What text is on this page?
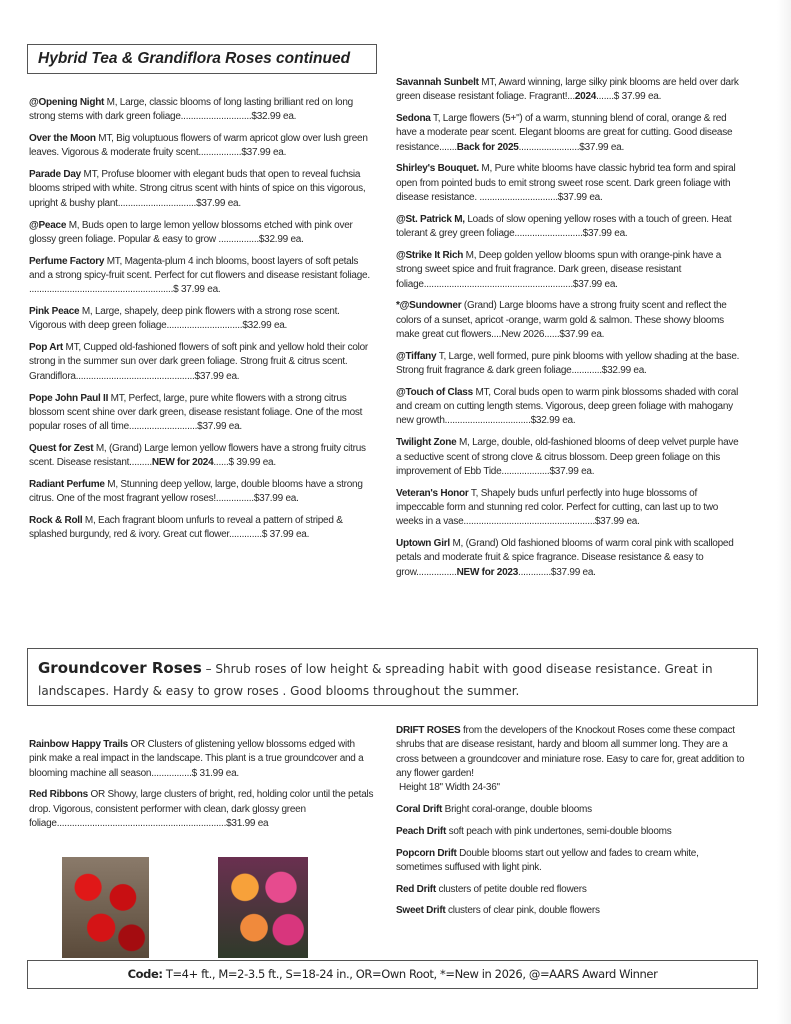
Hybrid Tea & Grandiflora Roses continued

@Opening Night M, Large, classic blooms of long lasting brilliant red on long strong stems with dark green foliage............................$32.99 ea.

Over the Moon MT, Big voluptuous flowers of warm apricot glow over lush green leaves. Vigorous & moderate fruity scent.................$37.99 ea.

Parade Day MT, Profuse bloomer with elegant buds that open to reveal fuchsia blooms striped with white. Strong citrus scent with hints of spice on this vigorous, upright & bushy plant...............................$37.99 ea.

@Peace M, Buds open to large lemon yellow blossoms etched with pink over glossy green foliage. Popular & easy to grow ................$32.99 ea.

Perfume Factory MT, Magenta-plum 4 inch blooms, boost layers of soft petals and a strong spicy-fruit scent. Perfect for cut flowers and disease resistant foliage. .........................................................$ 37.99 ea.

Pink Peace M, Large, shapely, deep pink flowers with a strong rose scent. Vigorous with deep green foliage..............................$32.99 ea.

Pop Art MT, Cupped old-fashioned flowers of soft pink and yellow hold their color strong in the summer sun over dark green foliage. Strong fruit & citrus scent. Grandiflora...............................................$37.99 ea.

Pope John Paul II MT, Perfect, large, pure white flowers with a strong citrus blossom scent shine over dark green, disease resistant foliage. One of the most popular roses of all time...........................$37.99 ea.

Quest for Zest M, (Grand) Large lemon yellow flowers have a strong fruity citrus scent. Disease resistant.........NEW for 2024......$ 39.99 ea.

Radiant Perfume M, Stunning deep yellow, large, double blooms have a strong citrus. One of the most fragrant yellow roses!...............$37.99 ea.

Rock & Roll M, Each fragrant bloom unfurls to reveal a pattern of striped & splashed burgundy, red & ivory. Great cut flower.............$ 37.99 ea.

Savannah Sunbelt MT, Award winning, large silky pink blooms are held over dark green disease resistant foliage. Fragrant!...2024.......$ 37.99 ea.

Sedona T, Large flowers (5+") of a warm, stunning blend of coral, orange & red have a moderate pear scent. Elegant blooms are great for cutting. Good disease resistance.......Back for 2025........................$37.99 ea.

Shirley's Bouquet. M, Pure white blooms have classic hybrid tea form and spiral open from pointed buds to emit strong sweet rose scent. Dark green foliage with disease resistance. ...............................$37.99 ea.

@St. Patrick M, Loads of slow opening yellow roses with a touch of green. Heat tolerant & grey green foliage...........................$37.99 ea.

@Strike It Rich M, Deep golden yellow blooms spun with orange-pink have a strong sweet spice and fruit fragrance. Dark green, disease resistant foliage...........................................................$37.99 ea.

*@Sundowner (Grand) Large blooms have a strong fruity scent and reflect the colors of a sunset, apricot -orange, warm gold & salmon. These showy blooms make great cut flowers....New 2026......$37.99 ea.

@Tiffany T, Large, well formed, pure pink blooms with yellow shading at the base. Strong fruit fragrance & dark green foliage............$32.99 ea.

@Touch of Class MT, Coral buds open to warm pink blossoms shaded with coral and cream on cutting length stems. Vigorous, deep green foliage with mahogany new growth..................................$32.99 ea.

Twilight Zone M, Large, double, old-fashioned blooms of deep velvet purple have a seductive scent of strong clove & citrus blossom. Deep green foliage on this improvement of Ebb Tide...................$37.99 ea.

Veteran's Honor T, Shapely buds unfurl perfectly into huge blossoms of impeccable form and stunning red color. Perfect for cutting, can last up to two weeks in a vase....................................................$37.99 ea.

Uptown Girl M, (Grand) Old fashioned blooms of warm coral pink with scalloped petals and moderate fruit & spice fragrance. Disease resistance & easy to grow................NEW for 2023.............$37.99 ea.

Groundcover Roses – Shrub roses of low height & spreading habit with good disease resistance. Great in landscapes. Hardy & easy to grow roses . Good blooms throughout the summer.

Rainbow Happy Trails OR Clusters of glistening yellow blossoms edged with pink make a real impact in the landscape. This plant is a true groundcover and a blooming machine all season................$ 31.99 ea.

Red Ribbons OR Showy, large clusters of bright, red, holding color until the petals drop. Vigorous, consistent performer with clean, dark glossy green foliage...................................................................$31.99 ea

DRIFT ROSES from the developers of the Knockout Roses come these compact shrubs that are disease resistant, hardy and bloom all summer long. They are a cross between a groundcover and miniature rose. Easy to care for, great addition to any flower garden!
Height 18" Width 24-36"

Coral Drift Bright coral-orange, double blooms

Peach Drift soft peach with pink undertones, semi-double blooms

Popcorn Drift Double blooms start out yellow and fades to cream white, sometimes suffused with light pink.

Red Drift clusters of petite double red flowers

Sweet Drift clusters of clear pink, double flowers

Code: T=4+ ft., M=2-3.5 ft., S=18-24 in., OR=Own Root, *=New in 2026, @=AARS Award Winner
